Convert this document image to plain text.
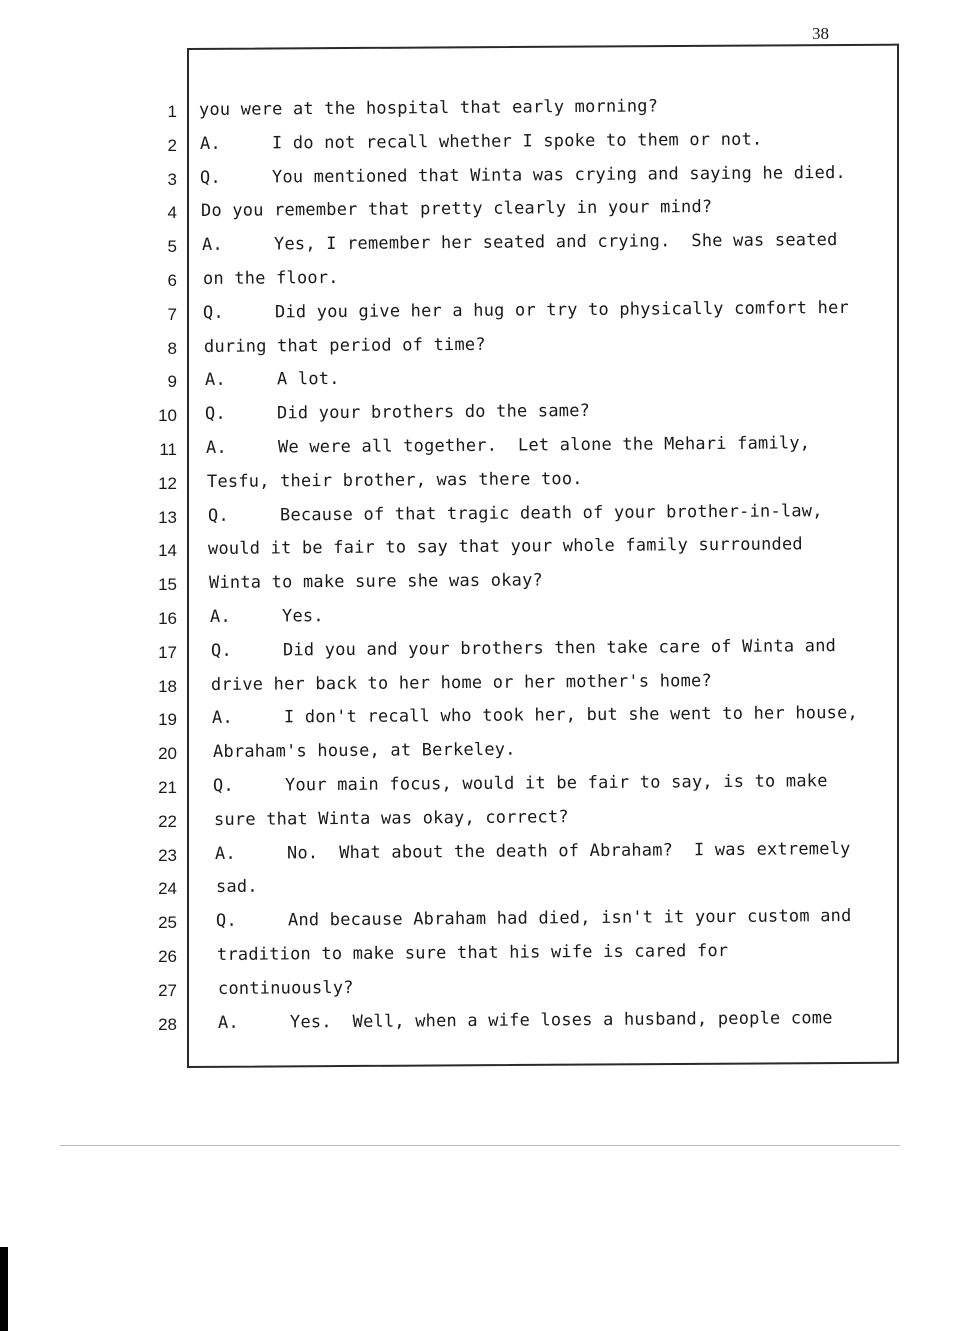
38
1 you were at the hospital that early morning?
2 A.	I do not recall whether I spoke to them or not.
3 Q.	You mentioned that Winta was crying and saying he died.
4 Do you remember that pretty clearly in your mind?
5 A.	Yes, I remember her seated and crying.  She was seated
6 on the floor.
7 Q.	Did you give her a hug or try to physically comfort her
8 during that period of time?
9 A.	A lot.
10 Q.	Did your brothers do the same?
11 A.	We were all together.  Let alone the Mehari family,
12 Tesfu, their brother, was there too.
13 Q.	Because of that tragic death of your brother-in-law,
14 would it be fair to say that your whole family surrounded
15 Winta to make sure she was okay?
16 A.	Yes.
17 Q.	Did you and your brothers then take care of Winta and
18 drive her back to her home or her mother's home?
19 A.	I don't recall who took her, but she went to her house,
20 Abraham's house, at Berkeley.
21 Q.	Your main focus, would it be fair to say, is to make
22 sure that Winta was okay, correct?
23 A.	No.  What about the death of Abraham?  I was extremely
24 sad.
25 Q.	And because Abraham had died, isn't it your custom and
26 tradition to make sure that his wife is cared for
27 continuously?
28 A.	Yes.  Well, when a wife loses a husband, people come
